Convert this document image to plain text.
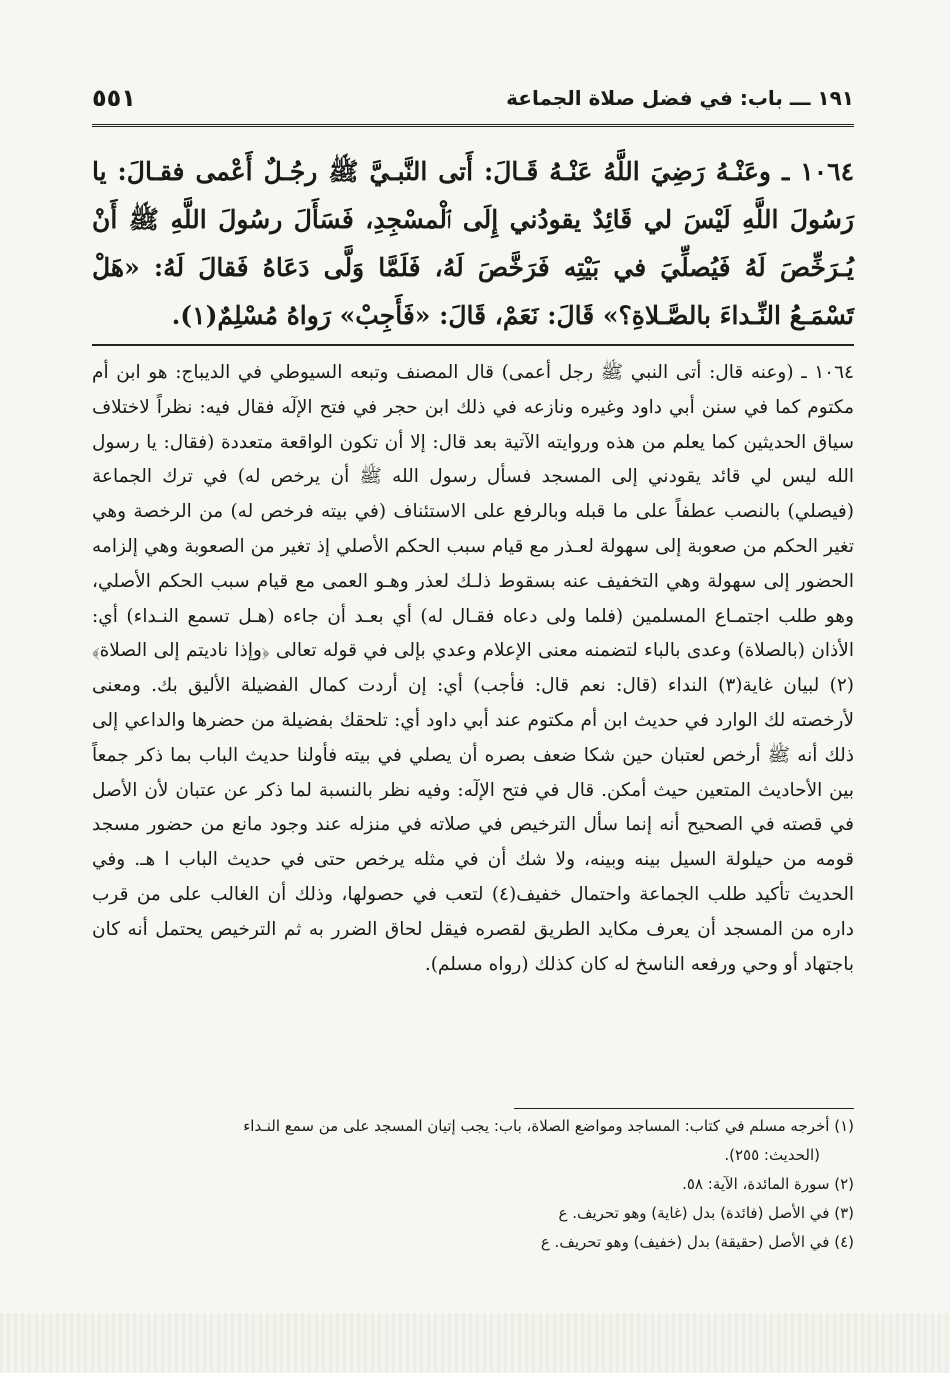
١٩١ ـــ باب: في فضل صلاة الجماعة
٥٥١
١٠٦٤ ـ وعَنْـهُ رَضِيَ اللَّهُ عَنْـهُ قَـالَ: أَتى النَّبـيَّ ﷺ رجُـلٌ أَعْمى فقـالَ: يا رَسُولَ اللَّهِ لَيْسَ لي قَائِدٌ يقودُني إِلَى ٱلْمسْجِدِ، فَسَأَلَ رسُولَ اللَّهِ ﷺ أَنْ يُـرَخِّصَ لَهُ فَيُصلِّيَ في بَيْتِه فَرَخَّصَ لَهُ، فَلَمَّا وَلَّى دَعَاهُ فَقالَ لَهُ: «هَلْ تَسْمَـعُ النِّـداءَ بالصَّـلاةِ؟» قَالَ: نَعَمْ، قَالَ: «فَأَجِبْ» رَواهُ مُسْلِمٌ(١).
١٠٦٤ ـ (وعنه قال: أتى النبي ﷺ رجل أعمى) قال المصنف وتبعه السيوطي في الديباج: هو ابن أم مكتوم كما في سنن أبي داود وغيره ونازعه في ذلك ابن حجر في فتح الإلٓه فقال فيه: نظراً لاختلاف سياق الحديثين كما يعلم من هذه وروايته الآتية بعد قال: إلا أن تكون الواقعة متعددة (فقال: يا رسول الله ليس لي قائد يقودني إلى المسجد فسأل رسول الله ﷺ أن يرخص له) في ترك الجماعة (فيصلي) بالنصب عطفاً على ما قبله وبالرفع على الاستئناف (في بيته فرخص له) من الرخصة وهي تغير الحكم من صعوبة إلى سهولة لعـذر مع قيام سبب الحكم الأصلي إذ تغير من الصعوبة وهي إلزامه الحضور إلى سهولة وهي التخفيف عنه بسقوط ذلـك لعذر وهـو العمى مع قيام سبب الحكم الأصلي، وهو طلب اجتمـاع المسلمين (فلما ولى دعاه فقـال له) أي بعـد أن جاءه (هـل تسمع النـداء) أي: الأذان (بالصلاة) وعدى بالباء لتضمنه معنى الإعلام وعدي بإلى في قوله تعالى ﴿وإذا ناديتم إلى الصلاة﴾(٢) لبيان غاية(٣) النداء (قال: نعم قال: فأجب) أي: إن أردت كمال الفضيلة الأليق بك. ومعنى لأرخصته لك الوارد في حديث ابن أم مكتوم عند أبي داود أي: تلحقك بفضيلة من حضرها والداعي إلى ذلك أنه ﷺ أرخص لعتبان حين شكا ضعف بصره أن يصلي في بيته فأولنا حديث الباب بما ذكر جمعاً بين الأحاديث المتعين حيث أمكن. قال في فتح الإلٓه: وفيه نظر بالنسبة لما ذكر عن عتبان لأن الأصل في قصته في الصحيح أنه إنما سأل الترخيص في صلاته في منزله عند وجود مانع من حضور مسجد قومه من حيلولة السيل بينه وبينه، ولا شك أن في مثله يرخص حتى في حديث الباب ا هـ. وفي الحديث تأكيد طلب الجماعة واحتمال خفيف(٤) لتعب في حصولها، وذلك أن الغالب على من قرب داره من المسجد أن يعرف مكايد الطريق لقصره فيقل لحاق الضرر به ثم الترخيص يحتمل أنه كان باجتهاد أو وحي ورفعه الناسخ له كان كذلك (رواه مسلم).

(١) أخرجه مسلم في كتاب: المساجد ومواضع الصلاة، باب: يجب إتيان المسجد على من سمع النـداء

(الحديث: ٢٥٥).

(٢) سورة المائدة، الآية: ٥٨.

(٣) في الأصل (فائدة) بدل (غاية) وهو تحريف. ع

(٤) في الأصل (حقيقة) بدل (خفيف) وهو تحريف. ع
